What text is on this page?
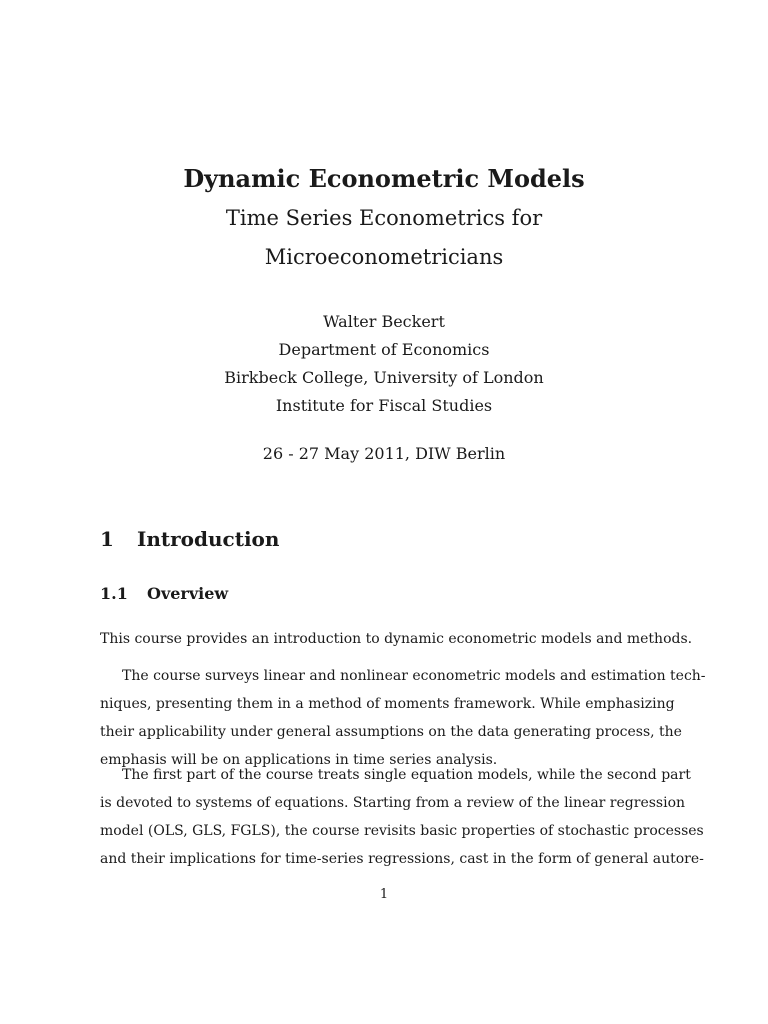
Dynamic Econometric Models

Time Series Econometrics for

Microeconometricians

Walter Beckert

Department of Economics

Birkbeck College, University of London

Institute for Fiscal Studies

26 - 27 May 2011, DIW Berlin

1 Introduction
1.1 Overview
This course provides an introduction to dynamic econometric models and methods.
The course surveys linear and nonlinear econometric models and estimation tech-
niques, presenting them in a method of moments framework. While emphasizing
their applicability under general assumptions on the data generating process, the
emphasis will be on applications in time series analysis.
The first part of the course treats single equation models, while the second part
is devoted to systems of equations. Starting from a review of the linear regression
model (OLS, GLS, FGLS), the course revisits basic properties of stochastic processes
and their implications for time-series regressions, cast in the form of general autore-

1
